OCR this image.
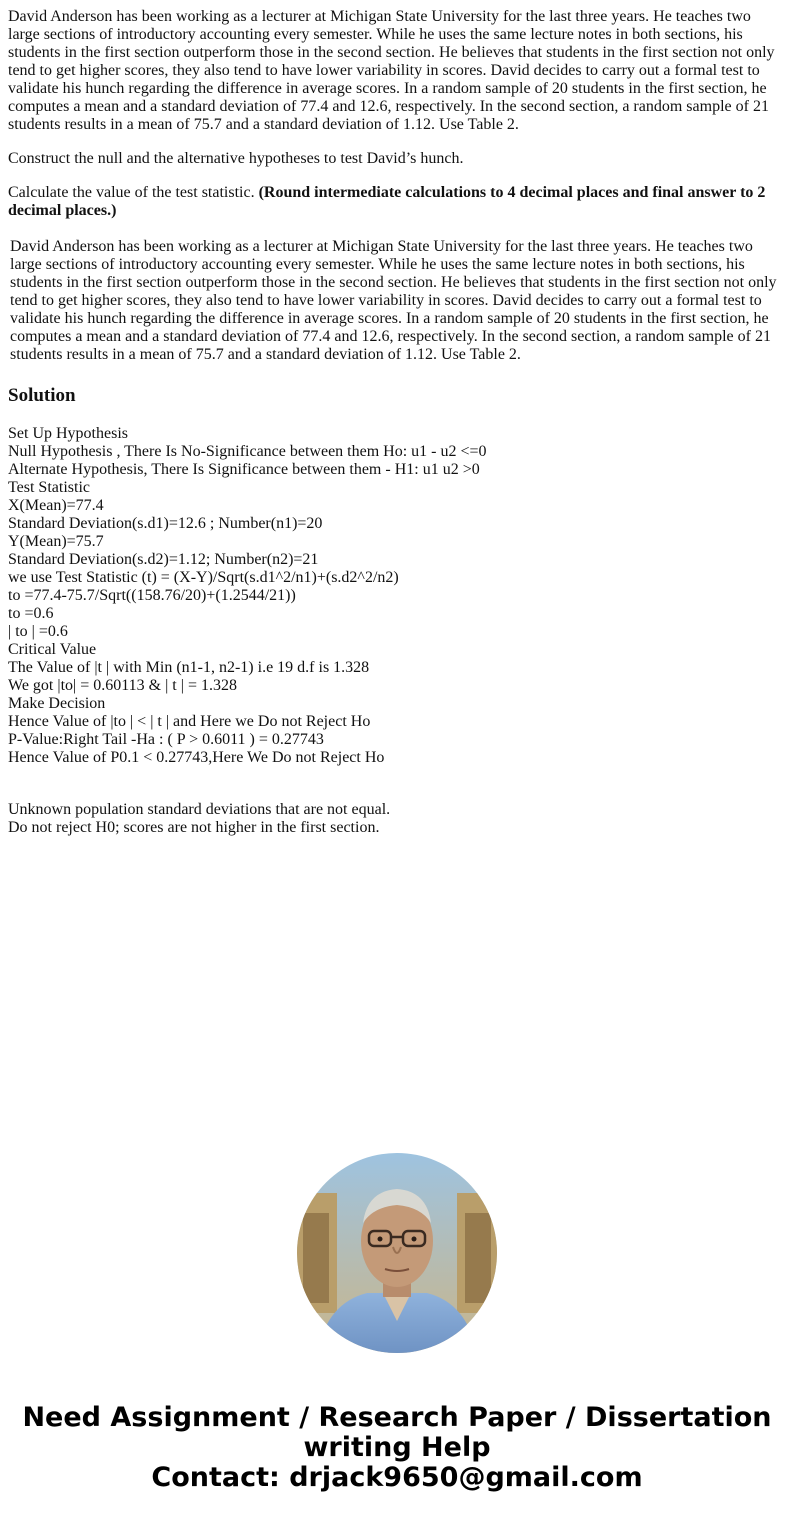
David Anderson has been working as a lecturer at Michigan State University for the last three years. He teaches two large sections of introductory accounting every semester. While he uses the same lecture notes in both sections, his students in the first section outperform those in the second section. He believes that students in the first section not only tend to get higher scores, they also tend to have lower variability in scores. David decides to carry out a formal test to validate his hunch regarding the difference in average scores. In a random sample of 20 students in the first section, he computes a mean and a standard deviation of 77.4 and 12.6, respectively. In the second section, a random sample of 21 students results in a mean of 75.7 and a standard deviation of 1.12. Use Table 2.

Construct the null and the alternative hypotheses to test David’s hunch.

Calculate the value of the test statistic. (Round intermediate calculations to 4 decimal places and final answer to 2 decimal places.)

David Anderson has been working as a lecturer at Michigan State University for the last three years. He teaches two large sections of introductory accounting every semester. While he uses the same lecture notes in both sections, his students in the first section outperform those in the second section. He believes that students in the first section not only tend to get higher scores, they also tend to have lower variability in scores. David decides to carry out a formal test to validate his hunch regarding the difference in average scores. In a random sample of 20 students in the first section, he computes a mean and a standard deviation of 77.4 and 12.6, respectively. In the second section, a random sample of 21 students results in a mean of 75.7 and a standard deviation of 1.12. Use Table 2.

Solution
Set Up Hypothesis
Null Hypothesis , There Is No-Significance between them Ho: u1 - u2 <=0
Alternate Hypothesis, There Is Significance between them - H1: u1 u2 >0
Test Statistic
X(Mean)=77.4
Standard Deviation(s.d1)=12.6 ; Number(n1)=20
Y(Mean)=75.7
Standard Deviation(s.d2)=1.12; Number(n2)=21
we use Test Statistic (t) = (X-Y)/Sqrt(s.d1^2/n1)+(s.d2^2/n2)
to =77.4-75.7/Sqrt((158.76/20)+(1.2544/21))
to =0.6
| to | =0.6
Critical Value
The Value of |t | with Min (n1-1, n2-1) i.e 19 d.f is 1.328
We got |to| = 0.60113 & | t | = 1.328
Make Decision
Hence Value of |to | < | t | and Here we Do not Reject Ho
P-Value:Right Tail -Ha : ( P > 0.6011 ) = 0.27743
Hence Value of P0.1 < 0.27743,Here We Do not Reject Ho
Unknown population standard deviations that are not equal.
Do not reject H0; scores are not higher in the first section.
Need Assignment / Research Paper / Dissertation
writing Help
Contact: drjack9650@gmail.com
